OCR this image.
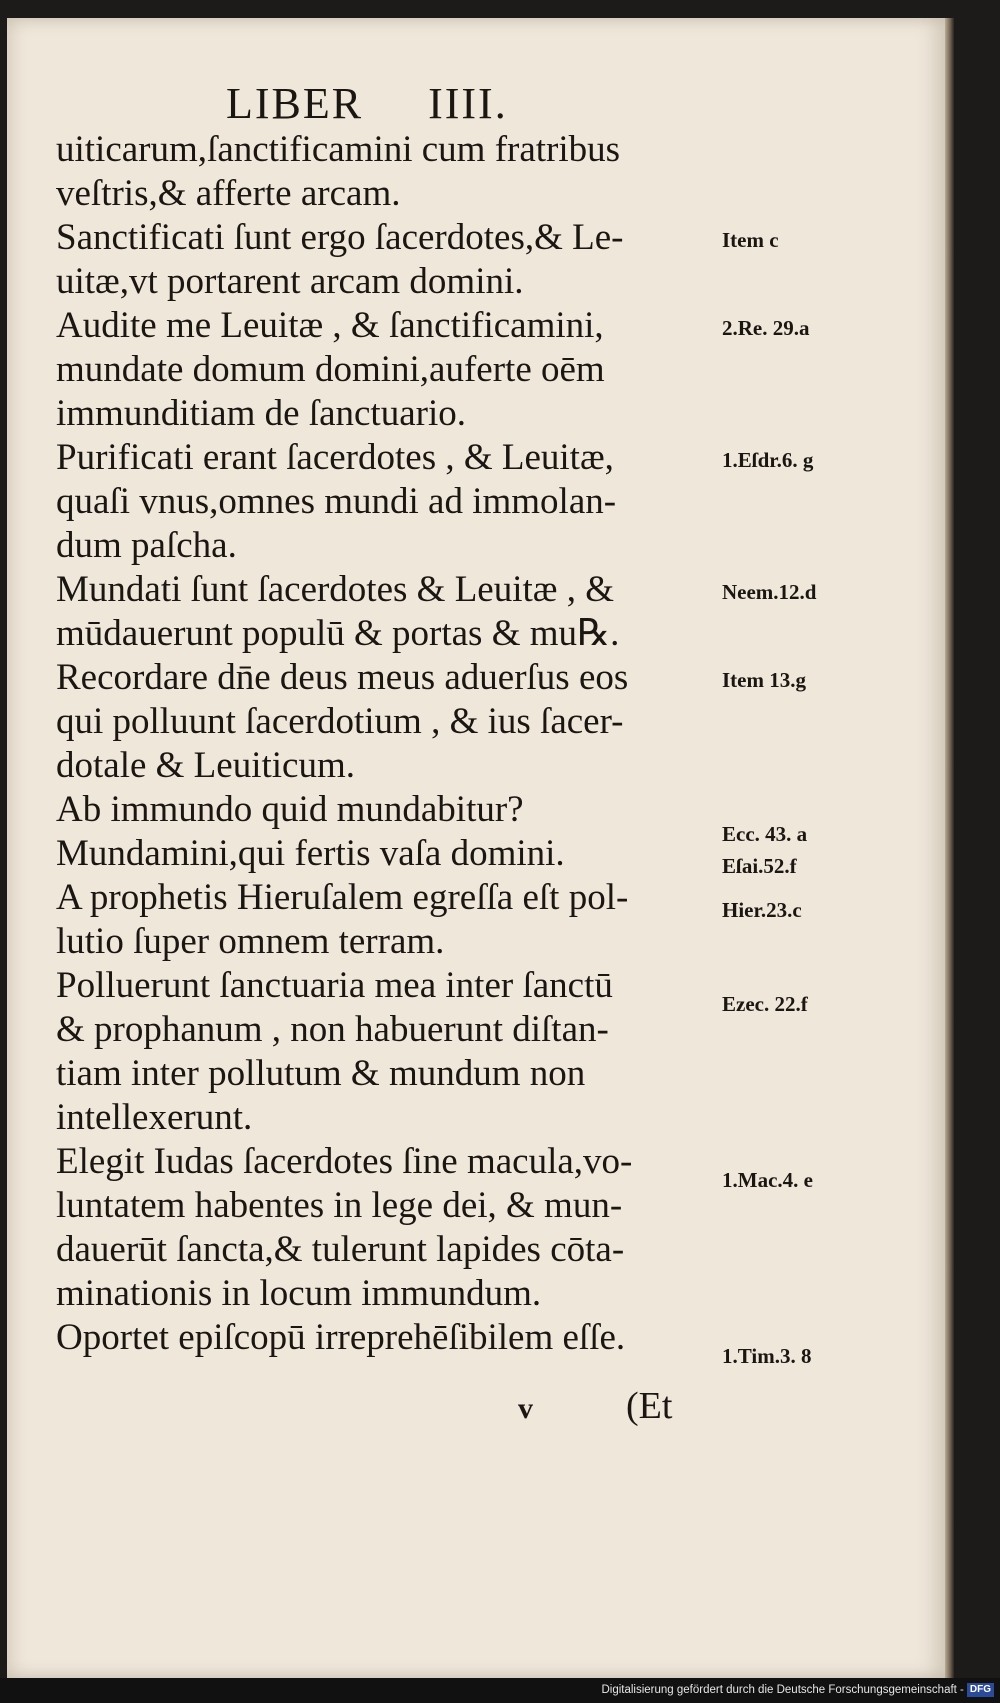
LIBER     IIII.
uiticarum,ſanctificamini cum fratribus
veſtris,& afferte arcam.
Sanctificati ſunt ergo ſacerdotes,& Le-
uitæ,vt portarent arcam domini.
Audite me Leuitæ , & ſanctificamini,
mundate domum domini,auferte oēm
immunditiam de ſanctuario.
Purificati erant ſacerdotes , & Leuitæ,
quaſi vnus,omnes mundi ad immolan-
dum paſcha.
Mundati ſunt ſacerdotes & Leuitæ , &
mūdauerunt populū & portas & mu℞.
Recordare dn̄e deus meus aduerſus eos
qui polluunt ſacerdotium , & ius ſacer-
dotale & Leuiticum.
Ab immundo quid mundabitur?
Mundamini,qui fertis vaſa domini.
A prophetis Hieruſalem egreſſa eſt pol-
lutio ſuper omnem terram.
Polluerunt ſanctuaria mea inter ſanctū
& prophanum , non habuerunt diſtan-
tiam inter pollutum & mundum non
intellexerunt.
Elegit Iudas ſacerdotes ſine macula,vo-
luntatem habentes in lege dei, & mun-
dauerūt ſancta,& tulerunt lapides cōta-
minationis in locum immundum.
Oportet epiſcopū irreprehēſibilem eſſe.
Item c
2.Re. 29.a
1.Eſdr.6. g
Neem.12.d
Item 13.g
Ecc. 43. a
Eſai.52.f
Hier.23.c
Ezec. 22.f
1.Mac.4. e
1.Tim.3. 8
v (Et
Digitalisierung gefördert durch die Deutsche Forschungsgemeinschaft - DFG
